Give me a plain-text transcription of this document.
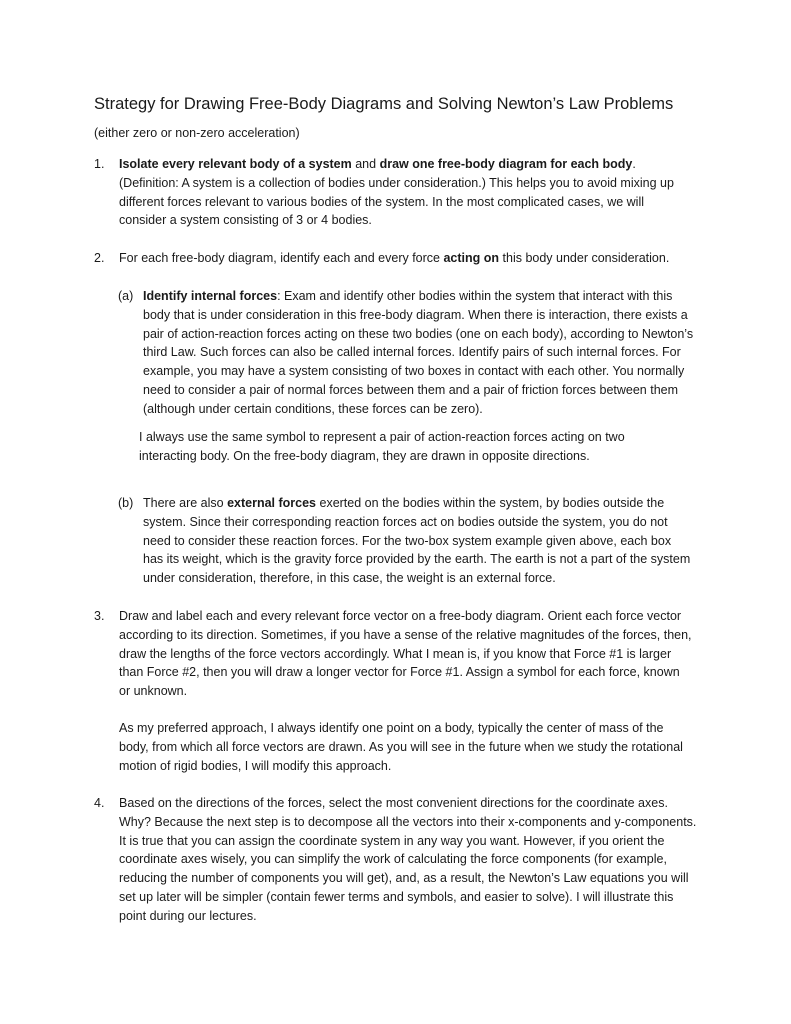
Strategy for Drawing Free-Body Diagrams and Solving Newton’s Law Problems
(either zero or non-zero acceleration)
1. Isolate every relevant body of a system and draw one free-body diagram for each body. (Definition: A system is a collection of bodies under consideration.) This helps you to avoid mixing up different forces relevant to various bodies of the system. In the most complicated cases, we will consider a system consisting of 3 or 4 bodies.
2. For each free-body diagram, identify each and every force acting on this body under consideration.
(a) Identify internal forces: Exam and identify other bodies within the system that interact with this body that is under consideration in this free-body diagram. When there is interaction, there exists a pair of action-reaction forces acting on these two bodies (one on each body), according to Newton’s third Law. Such forces can also be called internal forces. Identify pairs of such internal forces. For example, you may have a system consisting of two boxes in contact with each other. You normally need to consider a pair of normal forces between them and a pair of friction forces between them (although under certain conditions, these forces can be zero).
I always use the same symbol to represent a pair of action-reaction forces acting on two interacting body. On the free-body diagram, they are drawn in opposite directions.
(b) There are also external forces exerted on the bodies within the system, by bodies outside the system. Since their corresponding reaction forces act on bodies outside the system, you do not need to consider these reaction forces. For the two-box system example given above, each box has its weight, which is the gravity force provided by the earth. The earth is not a part of the system under consideration, therefore, in this case, the weight is an external force.
3. Draw and label each and every relevant force vector on a free-body diagram. Orient each force vector according to its direction. Sometimes, if you have a sense of the relative magnitudes of the forces, then, draw the lengths of the force vectors accordingly. What I mean is, if you know that Force #1 is larger than Force #2, then you will draw a longer vector for Force #1. Assign a symbol for each force, known or unknown.
As my preferred approach, I always identify one point on a body, typically the center of mass of the body, from which all force vectors are drawn. As you will see in the future when we study the rotational motion of rigid bodies, I will modify this approach.
4. Based on the directions of the forces, select the most convenient directions for the coordinate axes. Why? Because the next step is to decompose all the vectors into their x-components and y-components. It is true that you can assign the coordinate system in any way you want. However, if you orient the coordinate axes wisely, you can simplify the work of calculating the force components (for example, reducing the number of components you will get), and, as a result, the Newton’s Law equations you will set up later will be simpler (contain fewer terms and symbols, and easier to solve). I will illustrate this point during our lectures.
